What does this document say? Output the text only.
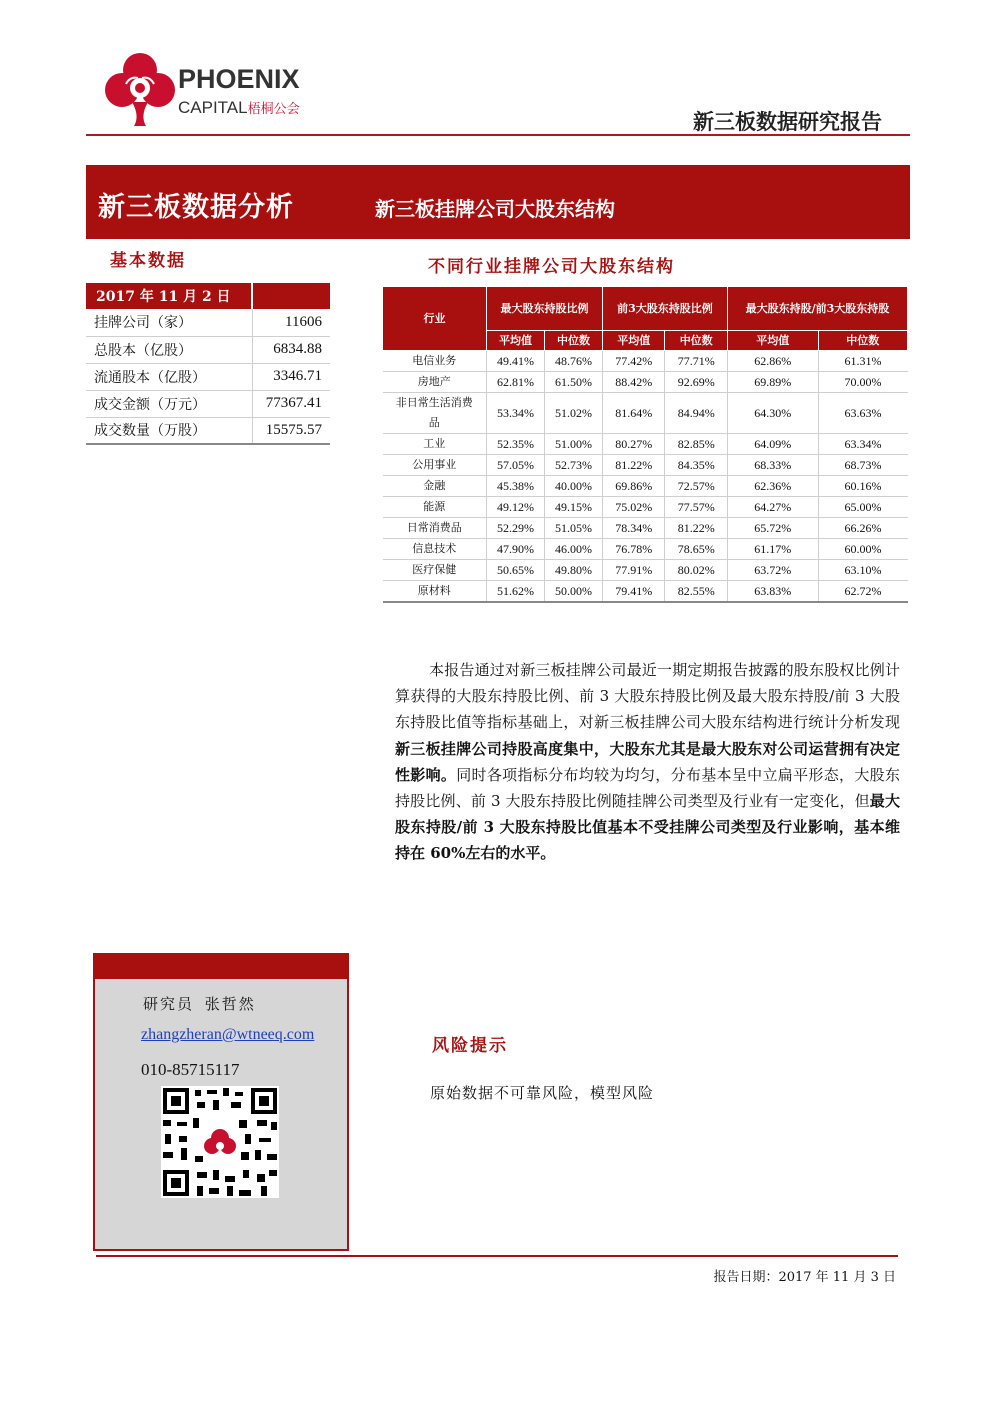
PHOENIX
CAPITAL梧桐公会
新三板数据研究报告
新三板数据分析	新三板挂牌公司大股东结构
基本数据
2017 年 11 月 2 日	
挂牌公司（家）	11606
总股本（亿股）	6834.88
流通股本（亿股）	3346.71
成交金额（万元）	77367.41
成交数量（万股）	15575.57
不同行业挂牌公司大股东结构
行业	最大股东持股比例		前3大股东持股比例		最大股东持股/前3大股东持股	
	平均值	中位数	平均值	中位数	平均值	中位数
电信业务	49.41%	48.76%	77.42%	77.71%	62.86%	61.31%
房地产	62.81%	61.50%	88.42%	92.69%	69.89%	70.00%
非日常生活消费品	53.34%	51.02%	81.64%	84.94%	64.30%	63.63%
工业	52.35%	51.00%	80.27%	82.85%	64.09%	63.34%
公用事业	57.05%	52.73%	81.22%	84.35%	68.33%	68.73%
金融	45.38%	40.00%	69.86%	72.57%	62.36%	60.16%
能源	49.12%	49.15%	75.02%	77.57%	64.27%	65.00%
日常消费品	52.29%	51.05%	78.34%	81.22%	65.72%	66.26%
信息技术	47.90%	46.00%	76.78%	78.65%	61.17%	60.00%
医疗保健	50.65%	49.80%	77.91%	80.02%	63.72%	63.10%
原材料	51.62%	50.00%	79.41%	82.55%	63.83%	62.72%

本报告通过对新三板挂牌公司最近一期定期报告披露的股东股权比例计算获得的大股东持股比例、前 3 大股东持股比例及最大股东持股/前 3 大股东持股比值等指标基础上，对新三板挂牌公司大股东结构进行统计分析发现新三板挂牌公司持股高度集中，大股东尤其是最大股东对公司运营拥有决定性影响。同时各项指标分布均较为均匀，分布基本呈中立扁平形态，大股东持股比例、前 3 大股东持股比例随挂牌公司类型及行业有一定变化，但最大股东持股/前 3 大股东持股比值基本不受挂牌公司类型及行业影响，基本维持在 60%左右的水平。

研究员 张哲然
zhangzheran@wtneeq.com
010-85715117
风险提示
原始数据不可靠风险，模型风险
报告日期：2017 年 11 月 3 日
